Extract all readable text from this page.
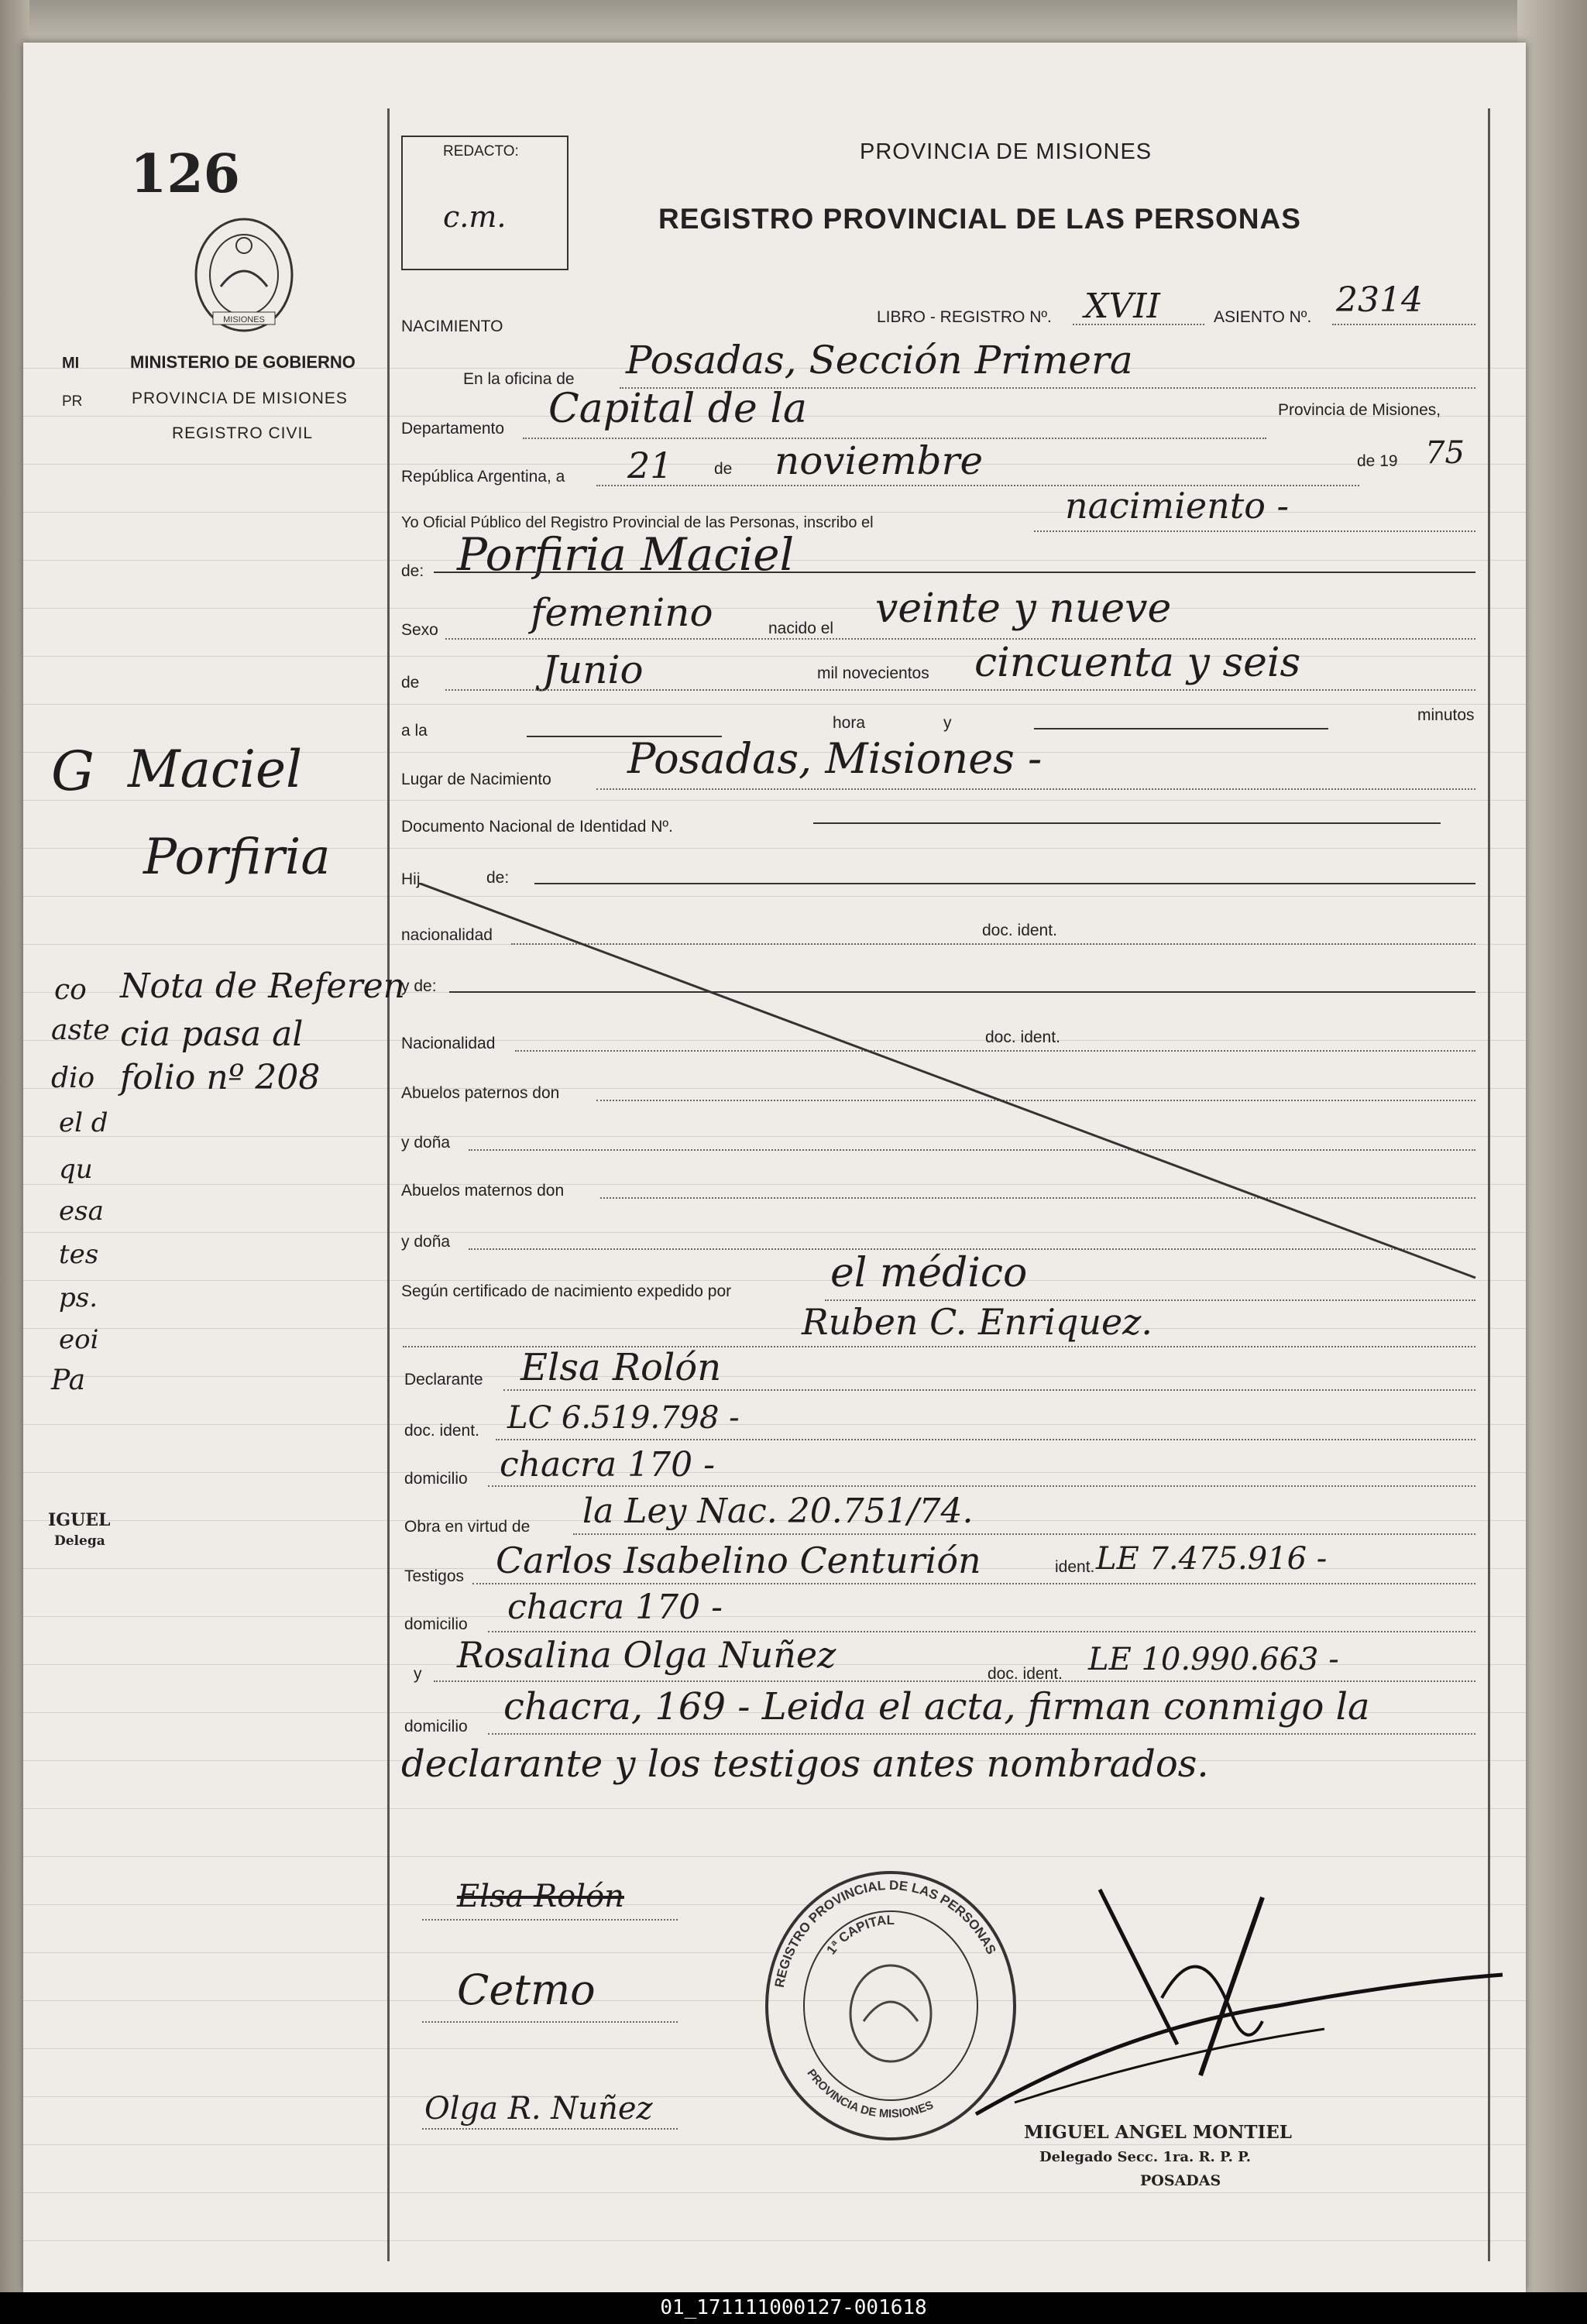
126
MISIONES
MINISTERIO DE GOBIERNO
PROVINCIA DE MISIONES
REGISTRO CIVIL
MI
PR
REDACTO:
c.m.
PROVINCIA DE MISIONES
REGISTRO PROVINCIAL DE LAS PERSONAS
NACIMIENTO
LIBRO - REGISTRO Nº. XVII	ASIENTO Nº. 2314
En la oficina de Posadas, Sección Primera
Departamento Capital de la	Provincia de Misiones,
República Argentina, a 21	de noviembre	de 19 75
Yo Oficial Público del Registro Provincial de las Personas, inscribo el	nacimiento -
de: Porfiria Maciel
Sexo femenino	nacido el veinte y nueve
de	Junio	mil novecientos cincuenta y seis
a la	hora	y	minutos
Lugar de Nacimiento Posadas, Misiones -
Documento Nacional de Identidad Nº.
Hij	de:
nacionalidad	doc. ident.
y de:
Nacionalidad	doc. ident.
Abuelos paternos don
y doña
Abuelos maternos don
y doña
Según certificado de nacimiento expedido por el médico
Ruben C. Enriquez.
Declarante Elsa Rolón
doc. ident. LC 6.519.798 -
domicilio chacra 170 -
Obra en virtud de la Ley Nac. 20.751/74.
Testigos Carlos Isabelino Centurión	ident. LE 7.475.916 -
domicilio chacra 170 -
y Rosalina Olga Nuñez	doc. ident. LE 10.990.663 -
domicilio chacra, 169 - Leida el acta, firman conmigo la
declarante y los testigos antes nombrados.
G Maciel
Porfiria
Nota de Referen
cia pasa al
folio nº 208
co
aste
dio
el d
qu
esa
tes
ps.
eoi
Pa
IGUEL
Delega
Elsa Rolón
Cetmo
Olga R. Nuñez
REGISTRO PROVINCIAL DE LAS PERSONAS
1ª CAPITAL
PROVINCIA DE MISIONES
MIGUEL ANGEL MONTIEL
Delegado Secc. 1ra. R. P. P.
POSADAS
01_171111000127-001618
